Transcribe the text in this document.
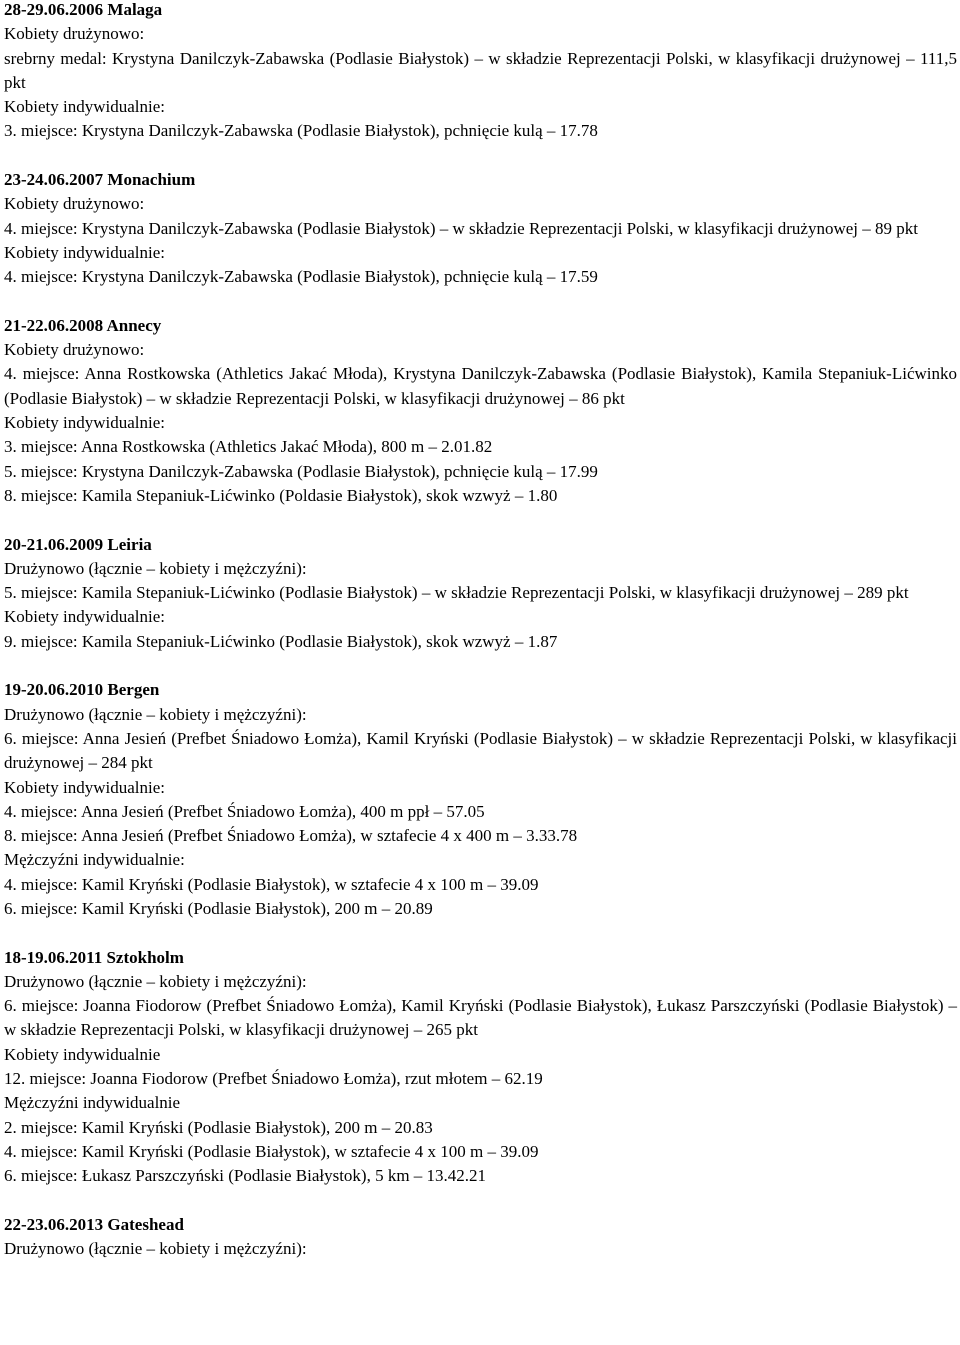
28-29.06.2006 Malaga
Kobiety drużynowo:
srebrny medal: Krystyna Danilczyk-Zabawska (Podlasie Białystok) – w składzie Reprezentacji Polski, w klasyfikacji drużynowej – 111,5 pkt
Kobiety indywidualnie:
3. miejsce: Krystyna Danilczyk-Zabawska (Podlasie Białystok), pchnięcie kulą – 17.78
23-24.06.2007 Monachium
Kobiety drużynowo:
4. miejsce: Krystyna Danilczyk-Zabawska (Podlasie Białystok) – w składzie Reprezentacji Polski, w klasyfikacji drużynowej – 89 pkt
Kobiety indywidualnie:
4. miejsce: Krystyna Danilczyk-Zabawska (Podlasie Białystok), pchnięcie kulą – 17.59
21-22.06.2008 Annecy
Kobiety drużynowo:
4. miejsce: Anna Rostkowska (Athletics Jakać Młoda), Krystyna Danilczyk-Zabawska (Podlasie Białystok), Kamila Stepaniuk-Lićwinko (Podlasie Białystok) – w składzie Reprezentacji Polski, w klasyfikacji drużynowej – 86 pkt
Kobiety indywidualnie:
3. miejsce: Anna Rostkowska (Athletics Jakać Młoda), 800 m – 2.01.82
5. miejsce: Krystyna Danilczyk-Zabawska (Podlasie Białystok), pchnięcie kulą – 17.99
8. miejsce: Kamila Stepaniuk-Lićwinko (Poldasie Białystok), skok wzwyż – 1.80
20-21.06.2009 Leiria
Drużynowo (łącznie – kobiety i mężczyźni):
5. miejsce: Kamila Stepaniuk-Lićwinko (Podlasie Białystok) – w składzie Reprezentacji Polski, w klasyfikacji drużynowej – 289 pkt
Kobiety indywidualnie:
9. miejsce: Kamila Stepaniuk-Lićwinko (Podlasie Białystok), skok wzwyż – 1.87
19-20.06.2010 Bergen
Drużynowo (łącznie – kobiety i mężczyźni):
6. miejsce: Anna Jesień (Prefbet Śniadowo Łomża), Kamil Kryński (Podlasie Białystok) – w składzie Reprezentacji Polski, w klasyfikacji drużynowej – 284 pkt
Kobiety indywidualnie:
4. miejsce: Anna Jesień (Prefbet Śniadowo Łomża), 400 m ppł – 57.05
8. miejsce: Anna Jesień (Prefbet Śniadowo Łomża), w sztafecie 4 x 400 m – 3.33.78
Mężczyźni indywidualnie:
4. miejsce: Kamil Kryński (Podlasie Białystok), w sztafecie 4 x 100 m – 39.09
6. miejsce: Kamil Kryński (Podlasie Białystok), 200 m – 20.89
18-19.06.2011 Sztokholm
Drużynowo (łącznie – kobiety i mężczyźni):
6. miejsce: Joanna Fiodorow (Prefbet Śniadowo Łomża), Kamil Kryński (Podlasie Białystok), Łukasz Parszczyński (Podlasie Białystok) – w składzie Reprezentacji Polski, w klasyfikacji drużynowej – 265 pkt
Kobiety indywidualnie
12. miejsce: Joanna Fiodorow (Prefbet Śniadowo Łomża), rzut młotem – 62.19
Mężczyźni indywidualnie
2. miejsce: Kamil Kryński (Podlasie Białystok), 200 m – 20.83
4. miejsce: Kamil Kryński (Podlasie Białystok), w sztafecie 4 x 100 m – 39.09
6. miejsce: Łukasz Parszczyński (Podlasie Białystok), 5 km – 13.42.21
22-23.06.2013 Gateshead
Drużynowo (łącznie – kobiety i mężczyźni):
